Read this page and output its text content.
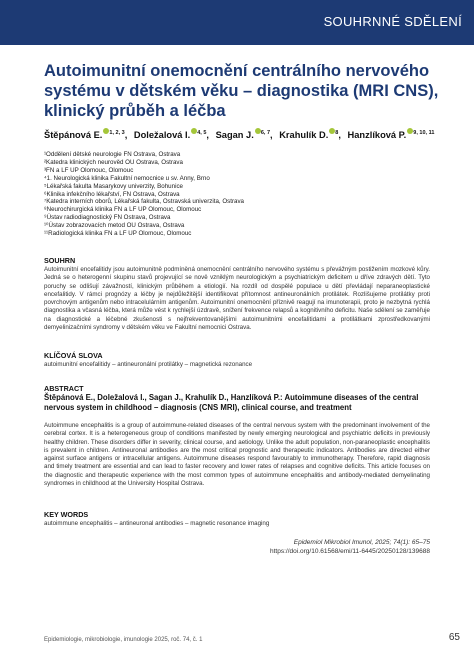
SOUHRNNÉ SDĚLENÍ
Autoimunitní onemocnění centrálního nervového systému v dětském věku – diagnostika (MRI CNS), klinický průběh a léčba
Štěpánová E. $^{1, 2, 3}$, Doležalová I. $^{4, 5}$, Sagan J. $^{6, 7}$, Krahulík D. $^8$, Hanzlíková P. $^{9, 10, 11}$
¹Oddělení dětské neurologie FN Ostrava, Ostrava
²Katedra klinických neurověd OU Ostrava, Ostrava
³FN a LF UP Olomouc, Olomouc
⁴1. Neurologická klinika Fakultní nemocnice u sv. Anny, Brno
⁵Lékařská fakulta Masarykovy univerzity, Bohunice
⁶Klinika infekčního lékařství, FN Ostrava, Ostrava
⁷Katedra interních oborů, Lékařská fakulta, Ostravská univerzita, Ostrava
⁸Neurochirurgická klinika FN a LF UP Olomouc, Olomouc
⁹Ústav radiodiagnostický FN Ostrava, Ostrava
¹⁰Ústav zobrazovacích metod OU Ostrava, Ostrava
¹¹Radiologická klinika FN a LF UP Olomouc, Olomouc
SOUHRN
Autoimunitní encefalitidy jsou autoimunitně podmíněná onemocnění centrálního nervového systému s převážným postižením mozkové kůry. Jedná se o heterogenní skupinu stavů projevující se nově vzniklým neurologickým a psychiatrickým deficitem u dříve zdravých dětí. Tyto poruchy se odlišují závažností, klinickým průběhem a etiologií. Na rozdíl od dospělé populace u dětí převládají neparaneoplastické encefalitidy. V rámci prognózy a léčby je nejdůležitější identifikovat přítomnost antineuronálních protilátek. Rozlišujeme protilátky proti povrchovým antigenům nebo intracelulárním antigenům. Autoimunitní onemocnění příznivě reagují na imunoterapii, proto je nezbytná rychlá diagnostika a včasná léčba, která může vést k rychlejší úzdravě, snížení frekvence relapsů a kognitivního deficitu. Naše sdělení se zaměřuje na diagnostické a léčebné zkušenosti s nejfrekventovanějšími autoimunitními encefalitidami a protilátkami zprostředkovanými demyelinizačními syndromy v dětském věku ve Fakultní nemocnici Ostrava.
KLÍČOVÁ SLOVA
autoimunitní encefalitidy – antineuronální protilátky – magnetická rezonance
ABSTRACT
Štěpánová E., Doležalová I., Sagan J., Krahulík D., Hanzlíková P.: Autoimmune diseases of the central nervous system in childhood – diagnosis (CNS MRI), clinical course, and treatment
Autoimmune encephalitis is a group of autoimmune-related diseases of the central nervous system with the predominant involvement of the cerebral cortex. It is a heterogeneous group of conditions manifested by newly emerging neurological and psychiatric deficits in previously healthy children. These disorders differ in severity, clinical course, and aetiology. Unlike the adult population, non-paraneoplastic encephalitis is prevalent in children. Antineuronal antibodies are the most critical prognostic and therapeutic indicators. Antibodies are directed either against surface antigens or intracellular antigens. Autoimmune diseases respond favourably to immunotherapy. Therefore, rapid diagnosis and timely treatment are essential and can lead to faster recovery and lower rates of relapses and cognitive deficits. This article focuses on the diagnostic and therapeutic experience with the most common types of autoimmune encephalitis and antibody-mediated demyelinating syndromes in childhood at the University Hospital Ostrava.
KEY WORDS
autoimmune encephalitis – antineuronal antibodies – magnetic resonance imaging
Epidemiol Mikrobiol Imunol, 2025; 74(1): 65–75
https://doi.org/10.61568/emi/11-6445/20250128/139688
Epidemiologie, mikrobiologie, imunologie 2025, roč. 74, č. 1	65
